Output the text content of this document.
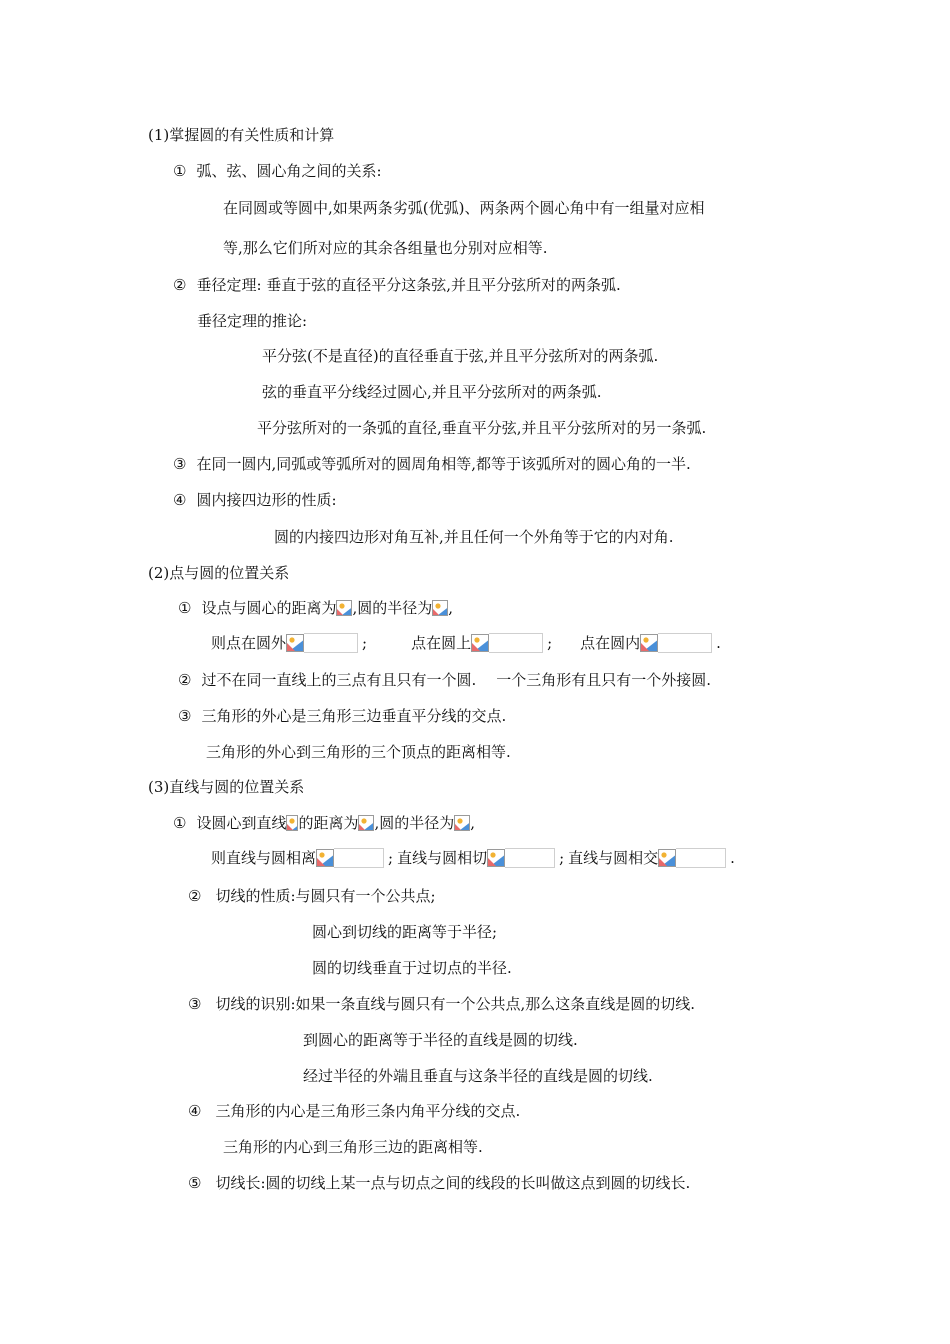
(1)掌握圆的有关性质和计算
① 弧、弦、圆心角之间的关系:
在同圆或等圆中,如果两条劣弧(优弧)、两条两个圆心角中有一组量对应相
等,那么它们所对应的其余各组量也分别对应相等.
② 垂径定理: 垂直于弦的直径平分这条弦,并且平分弦所对的两条弧.
垂径定理的推论:
平分弦(不是直径)的直径垂直于弦,并且平分弦所对的两条弧.
弦的垂直平分线经过圆心,并且平分弦所对的两条弧.
平分弦所对的一条弧的直径,垂直平分弦,并且平分弦所对的另一条弧.
③ 在同一圆内,同弧或等弧所对的圆周角相等,都等于该弧所对的圆心角的一半.
④ 圆内接四边形的性质:
圆的内接四边形对角互补,并且任何一个外角等于它的内对角.
(2)点与圆的位置关系
① 设点与圆心的距离为 ,圆的半径为 ,
则点在圆外	;	点在圆上	; 点在圆内	.
② 过不在同一直线上的三点有且只有一个圆. 一个三角形有且只有一个外接圆.
③ 三角形的外心是三角形三边垂直平分线的交点.
三角形的外心到三角形的三个顶点的距离相等.
(3)直线与圆的位置关系
① 设圆心到直线 的距离为 ,圆的半径为 ,
则直线与圆相离	; 直线与圆相切	; 直线与圆相交	.
② 切线的性质:与圆只有一个公共点;
圆心到切线的距离等于半径;
圆的切线垂直于过切点的半径.
③ 切线的识别:如果一条直线与圆只有一个公共点,那么这条直线是圆的切线.
到圆心的距离等于半径的直线是圆的切线.
经过半径的外端且垂直与这条半径的直线是圆的切线.
④ 三角形的内心是三角形三条内角平分线的交点.
三角形的内心到三角形三边的距离相等.
⑤ 切线长:圆的切线上某一点与切点之间的线段的长叫做这点到圆的切线长.
